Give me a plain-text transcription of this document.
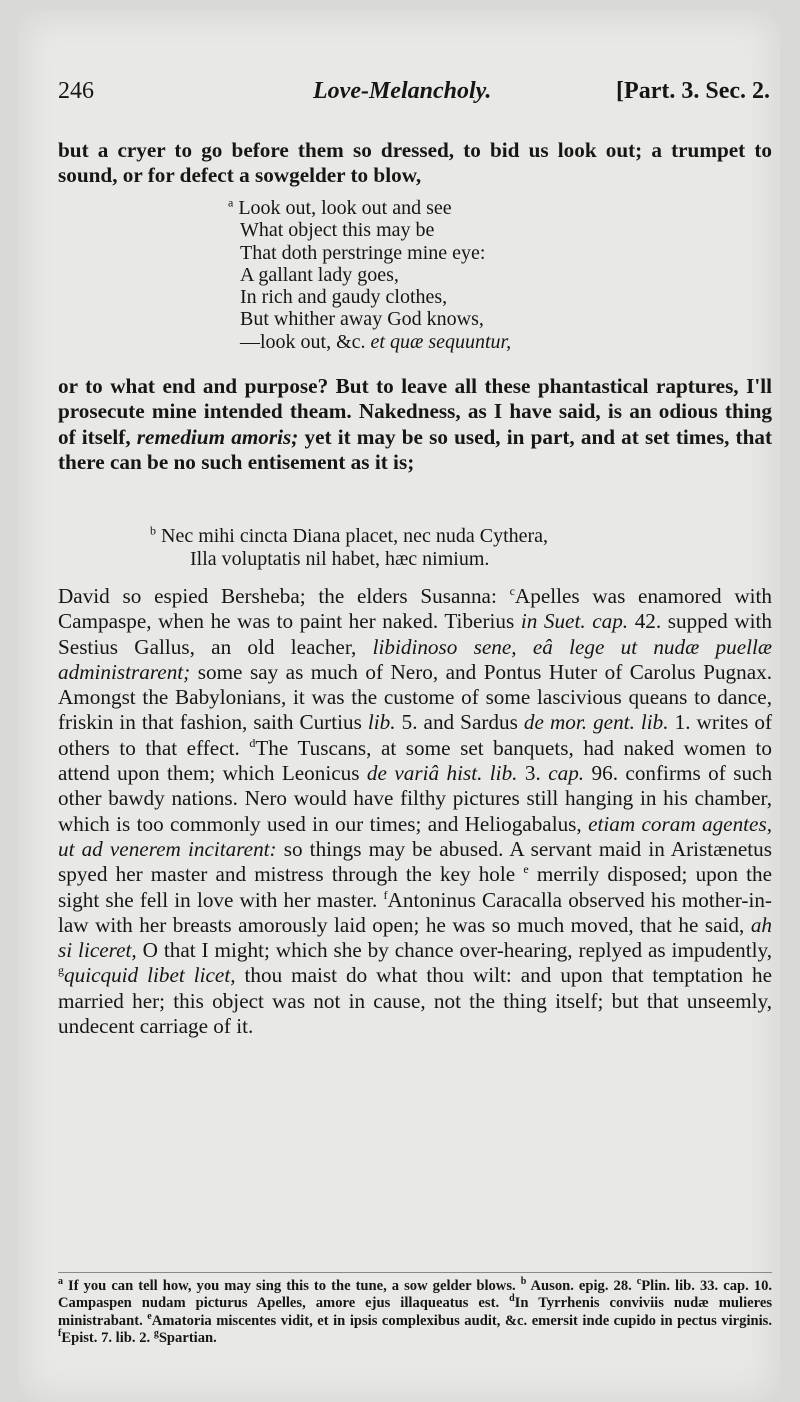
246	Love-Melancholy.	[Part. 3. Sec. 2.

but a cryer to go before them so dressed, to bid us look out; a trumpet to sound, or for defect a sowgelder to blow,

$^a$ Look out, look out and see
What object this may be
That doth perstringe mine eye:
A gallant lady goes,
In rich and gaudy clothes,
But whither away God knows,
—look out, &c. et quæ sequuntur,

or to what end and purpose? But to leave all these phantastical raptures, I'll prosecute mine intended theam. Nakedness, as I have said, is an odious thing of itself, remedium amoris; yet it may be so used, in part, and at set times, that there can be no such entisement as it is;

$^b$ Nec mihi cincta Diana placet, nec nuda Cythera,
Illa voluptatis nil habet, hæc nimium.

David so espied Bersheba; the elders Susanna: $^c$Apelles was enamored with Campaspe, when he was to paint her naked. Tiberius in Suet. cap. 42. supped with Sestius Gallus, an old leacher, libidinoso sene, eâ lege ut nudæ puellæ administrarent; some say as much of Nero, and Pontus Huter of Carolus Pugnax. Amongst the Babylonians, it was the custome of some lascivious queans to dance, friskin in that fashion, saith Curtius lib. 5. and Sardus de mor. gent. lib. 1. writes of others to that effect. $^d$The Tuscans, at some set banquets, had naked women to attend upon them; which Leonicus de variâ hist. lib. 3. cap. 96. confirms of such other bawdy nations. Nero would have filthy pictures still hanging in his chamber, which is too commonly used in our times; and Heliogabalus, etiam coram agentes, ut ad venerem incitarent: so things may be abused. A servant maid in Aristænetus spyed her master and mistress through the key hole $^e$ merrily disposed; upon the sight she fell in love with her master. $^f$Antoninus Caracalla observed his mother-in-law with her breasts amorously laid open; he was so much moved, that he said, ah si liceret, O that I might; which she by chance over-hearing, replyed as impudently, $^g$quicquid libet licet, thou maist do what thou wilt: and upon that temptation he married her; this object was not in cause, not the thing itself; but that unseemly, undecent carriage of it.

$^a$ If you can tell how, you may sing this to the tune, a sow gelder blows. $^b$ Auson. epig. 28. $^c$Plin. lib. 33. cap. 10. Campaspen nudam picturus Apelles, amore ejus illaqueatus est. $^d$In Tyrrhenis conviviis nudæ mulieres ministrabant. $^e$Amatoria miscentes vidit, et in ipsis complexibus audit, &c. emersit inde cupido in pectus virginis. $^f$Epist. 7. lib. 2. $^g$Spartian.
